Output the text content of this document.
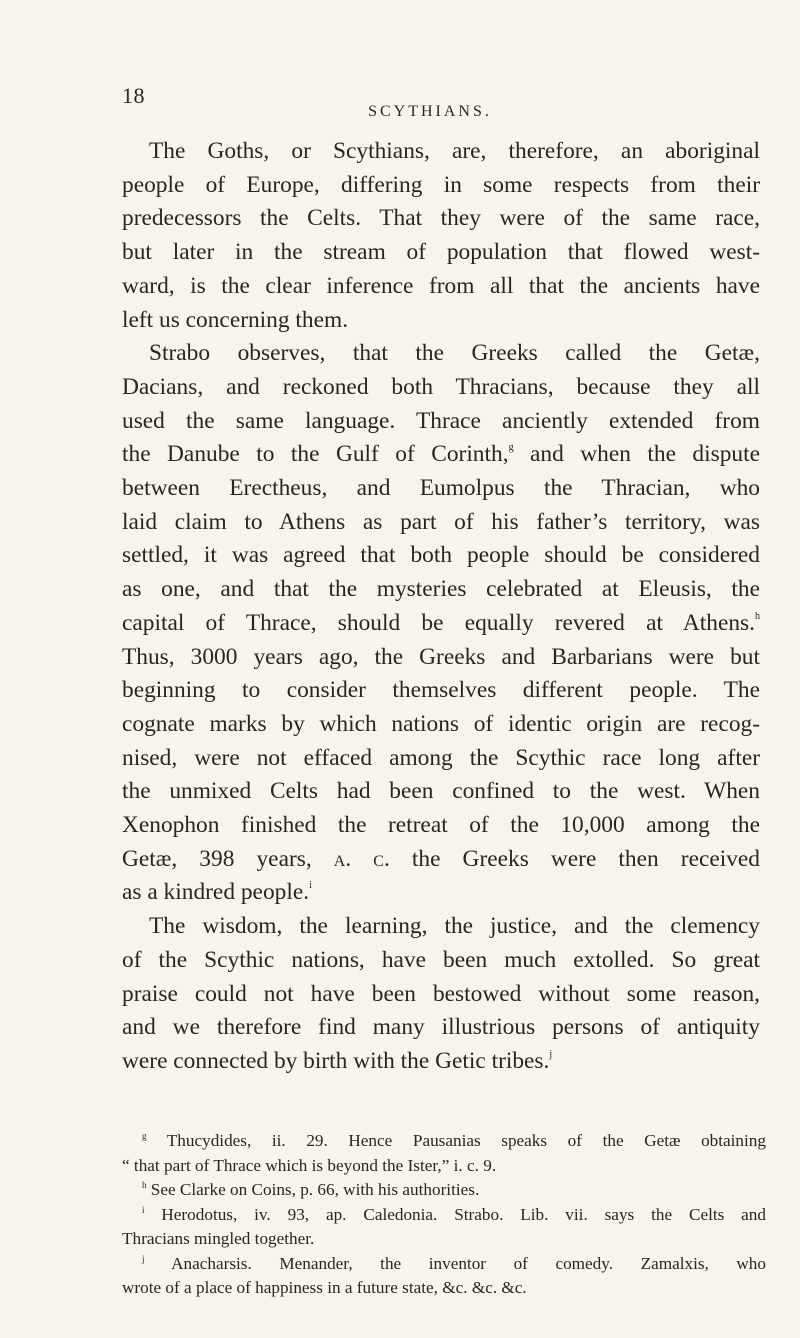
18
SCYTHIANS.
The Goths, or Scythians, are, therefore, an aboriginal
people of Europe, differing in some respects from their
predecessors the Celts. That they were of the same race,
but later in the stream of population that flowed west-
ward, is the clear inference from all that the ancients have
left us concerning them.
Strabo observes, that the Greeks called the Getæ,
Dacians, and reckoned both Thracians, because they all
used the same language. Thrace anciently extended from
the Danube to the Gulf of Corinth,$^g$ and when the dispute
between Erectheus, and Eumolpus the Thracian, who
laid claim to Athens as part of his father’s territory, was
settled, it was agreed that both people should be considered
as one, and that the mysteries celebrated at Eleusis, the
capital of Thrace, should be equally revered at Athens.$^h$
Thus, 3000 years ago, the Greeks and Barbarians were but
beginning to consider themselves different people. The
cognate marks by which nations of identic origin are recog-
nised, were not effaced among the Scythic race long after
the unmixed Celts had been confined to the west. When
Xenophon finished the retreat of the 10,000 among the
Getæ, 398 years, a. c. the Greeks were then received
as a kindred people.$^i$
The wisdom, the learning, the justice, and the clemency
of the Scythic nations, have been much extolled. So great
praise could not have been bestowed without some reason,
and we therefore find many illustrious persons of antiquity
were connected by birth with the Getic tribes.$^j$
$^g$ Thucydides, ii. 29. Hence Pausanias speaks of the Getæ obtaining
“ that part of Thrace which is beyond the Ister,” i. c. 9.
$^h$ See Clarke on Coins, p. 66, with his authorities.
$^i$ Herodotus, iv. 93, ap. Caledonia. Strabo. Lib. vii. says the Celts and
Thracians mingled together.
$^j$ Anacharsis. Menander, the inventor of comedy. Zamalxis, who
wrote of a place of happiness in a future state, &c. &c. &c.
